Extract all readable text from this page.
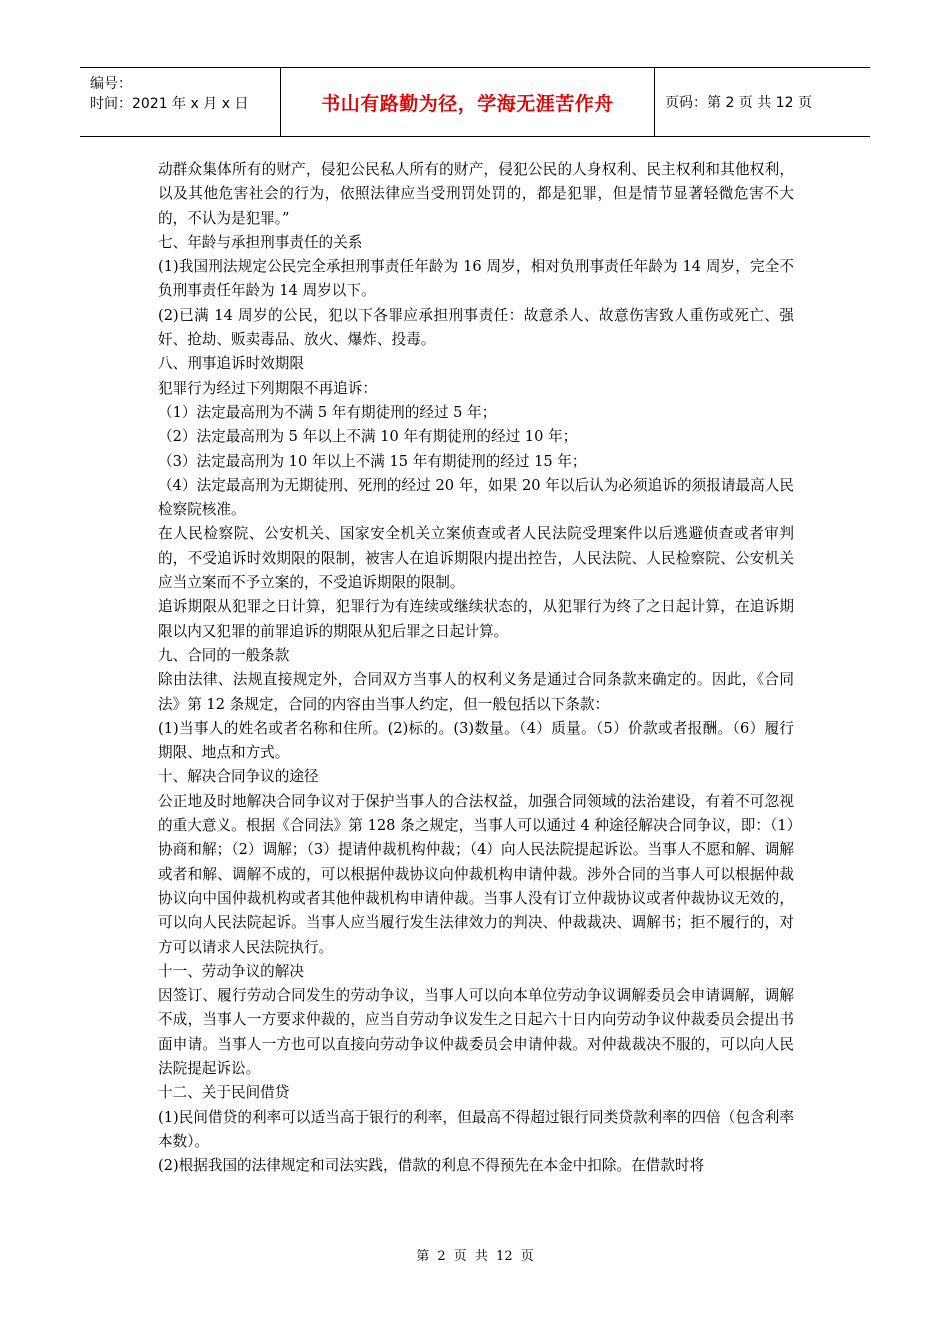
编号：
时间：2021 年 x 月 x 日	书山有路勤为径，学海无涯苦作舟	页码：第 2 页 共 12 页

动群众集体所有的财产，侵犯公民私人所有的财产，侵犯公民的人身权利、民主权利和其他权利，以及其他危害社会的行为，依照法律应当受刑罚处罚的，都是犯罪，但是情节显著轻微危害不大的，不认为是犯罪。”

七、年龄与承担刑事责任的关系

(1)我国刑法规定公民完全承担刑事责任年龄为 16 周岁，相对负刑事责任年龄为 14 周岁，完全不负刑事责任年龄为 14 周岁以下。

(2)已满 14 周岁的公民，犯以下各罪应承担刑事责任：故意杀人、故意伤害致人重伤或死亡、强奸、抢劫、贩卖毒品、放火、爆炸、投毒。

八、刑事追诉时效期限

犯罪行为经过下列期限不再追诉：

（1）法定最高刑为不满 5 年有期徒刑的经过 5 年；

（2）法定最高刑为 5 年以上不满 10 年有期徒刑的经过 10 年；

（3）法定最高刑为 10 年以上不满 15 年有期徒刑的经过 15 年；

（4）法定最高刑为无期徒刑、死刑的经过 20 年，如果 20 年以后认为必须追诉的须报请最高人民检察院核准。

在人民检察院、公安机关、国家安全机关立案侦查或者人民法院受理案件以后逃避侦查或者审判的，不受追诉时效期限的限制，被害人在追诉期限内提出控告，人民法院、人民检察院、公安机关应当立案而不予立案的，不受追诉期限的限制。

追诉期限从犯罪之日计算，犯罪行为有连续或继续状态的，从犯罪行为终了之日起计算，在追诉期限以内又犯罪的前罪追诉的期限从犯后罪之日起计算。

九、合同的一般条款

除由法律、法规直接规定外，合同双方当事人的权利义务是通过合同条款来确定的。因此，《合同法》第 12 条规定，合同的内容由当事人约定，但一般包括以下条款：

(1)当事人的姓名或者名称和住所。(2)标的。(3)数量。（4）质量。（5）价款或者报酬。（6）履行期限、地点和方式。

十、解决合同争议的途径

公正地及时地解决合同争议对于保护当事人的合法权益，加强合同领域的法治建设，有着不可忽视的重大意义。根据《合同法》第 128 条之规定，当事人可以通过 4 种途径解决合同争议，即：（1）协商和解；（2）调解；（3）提请仲裁机构仲裁；（4）向人民法院提起诉讼。当事人不愿和解、调解或者和解、调解不成的，可以根据仲裁协议向仲裁机构申请仲裁。涉外合同的当事人可以根据仲裁协议向中国仲裁机构或者其他仲裁机构申请仲裁。当事人没有订立仲裁协议或者仲裁协议无效的，可以向人民法院起诉。当事人应当履行发生法律效力的判决、仲裁裁决、调解书；拒不履行的，对方可以请求人民法院执行。

十一、劳动争议的解决

因签订、履行劳动合同发生的劳动争议，当事人可以向本单位劳动争议调解委员会申请调解，调解不成，当事人一方要求仲裁的，应当自劳动争议发生之日起六十日内向劳动争议仲裁委员会提出书面申请。当事人一方也可以直接向劳动争议仲裁委员会申请仲裁。对仲裁裁决不服的，可以向人民法院提起诉讼。

十二、关于民间借贷

(1)民间借贷的利率可以适当高于银行的利率，但最高不得超过银行同类贷款利率的四倍（包含利率本数）。

(2)根据我国的法律规定和司法实践，借款的利息不得预先在本金中扣除。在借款时将

第 2 页 共 12 页
